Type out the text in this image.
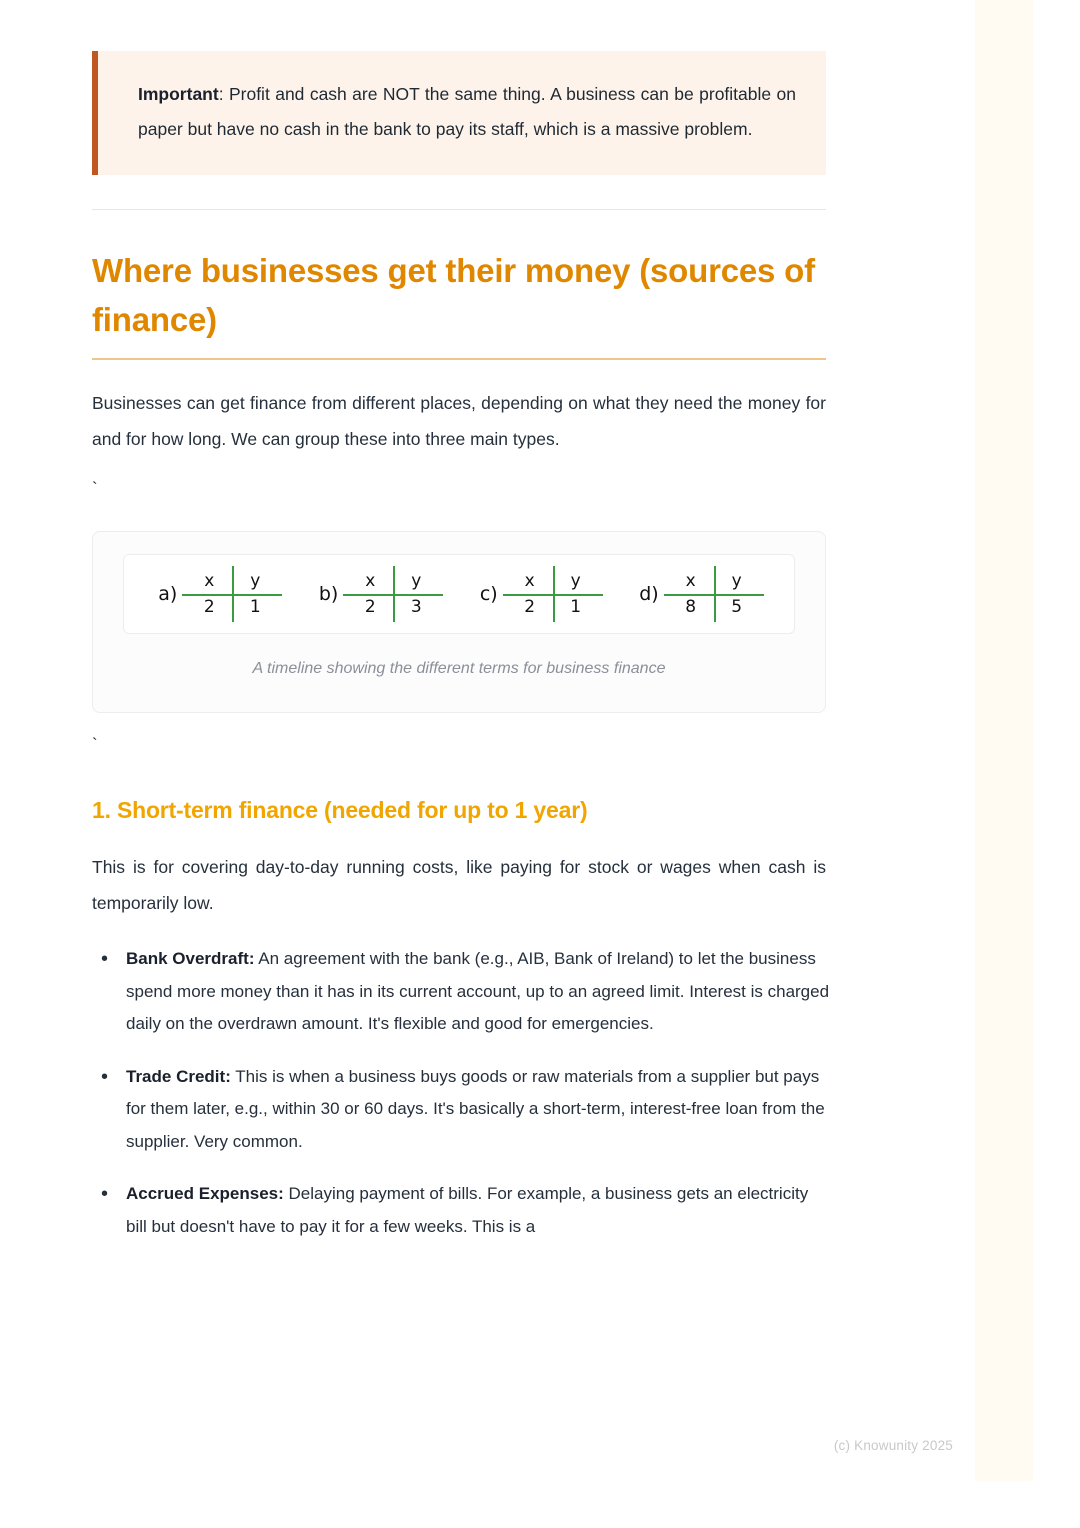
Important: Profit and cash are NOT the same thing. A business can be profitable on paper but have no cash in the bank to pay its staff, which is a massive problem.

Where businesses get their money (sources of finance)

Businesses can get finance from different places, depending on what they need the money for and for how long. We can group these into three main types.

`

a)
x	y
2	1
b)
x	y
2	3
c)
x	y
2	1
d)
x	y
8	5
A timeline showing the different terms for business finance

`

1. Short-term finance (needed for up to 1 year)

This is for covering day-to-day running costs, like paying for stock or wages when cash is temporarily low.

• Bank Overdraft: An agreement with the bank (e.g., AIB, Bank of Ireland) to let the business spend more money than it has in its current account, up to an agreed limit. Interest is charged daily on the overdrawn amount. It's flexible and good for emergencies.
• Trade Credit: This is when a business buys goods or raw materials from a supplier but pays for them later, e.g., within 30 or 60 days. It's basically a short-term, interest-free loan from the supplier. Very common.
• Accrued Expenses: Delaying payment of bills. For example, a business gets an electricity bill but doesn't have to pay it for a few weeks. This is a
(c) Knowunity 2025
